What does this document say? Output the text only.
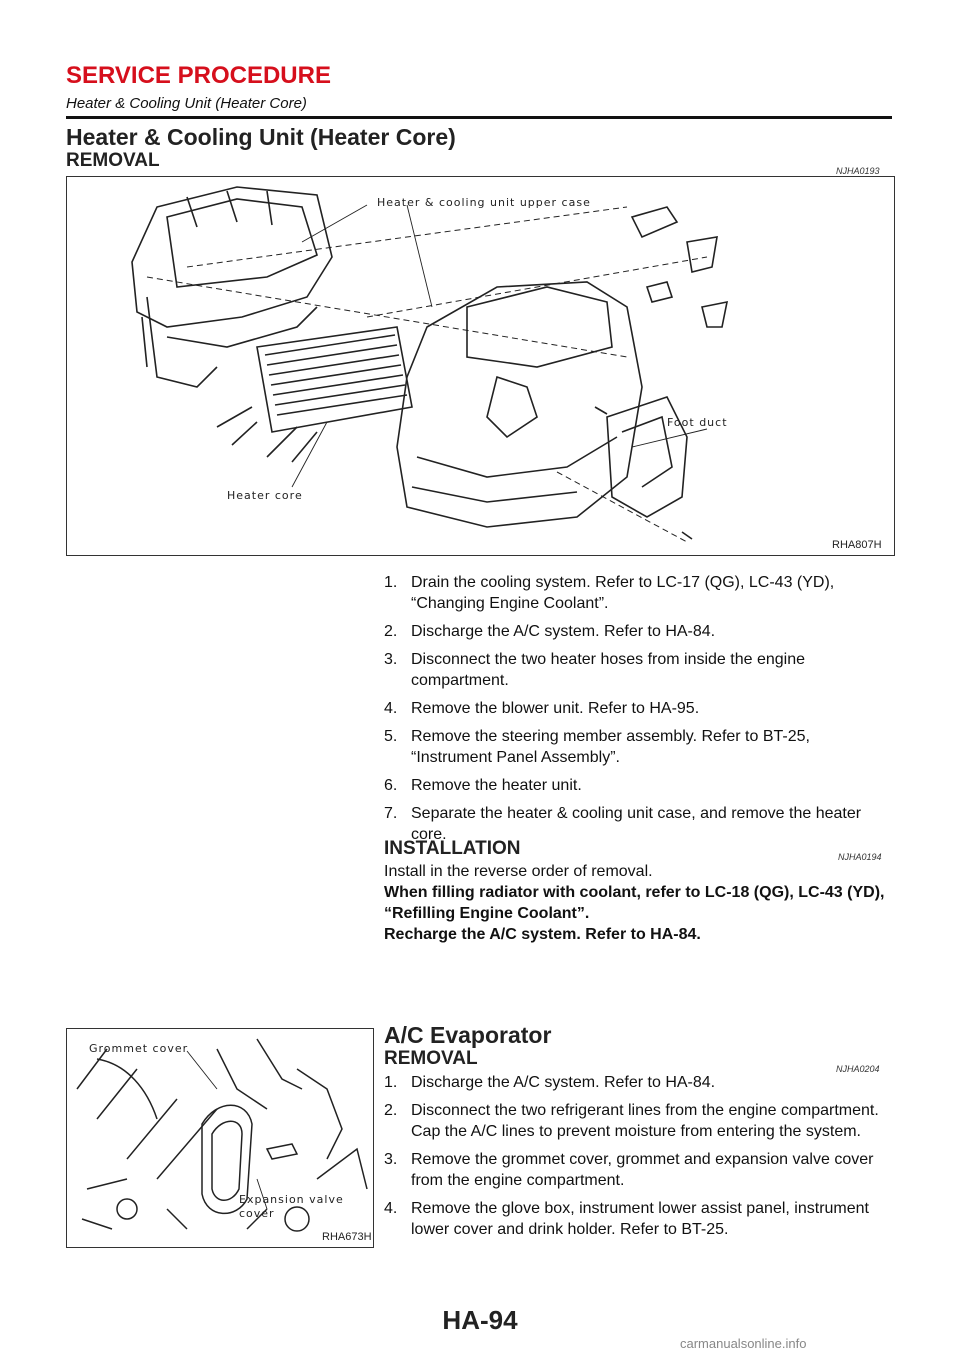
SERVICE PROCEDURE
Heater & Cooling Unit (Heater Core)
Heater & Cooling Unit (Heater Core)
REMOVAL	NJHA0193
Heater & cooling unit upper case
Foot duct
Heater core
RHA807H
1. Drain the cooling system. Refer to LC-17 (QG), LC-43 (YD), “Changing Engine Coolant”.
2. Discharge the A/C system. Refer to HA-84.
3. Disconnect the two heater hoses from inside the engine compartment.
4. Remove the blower unit. Refer to HA-95.
5. Remove the steering member assembly. Refer to BT-25, “Instrument Panel Assembly”.
6. Remove the heater unit.
7. Separate the heater & cooling unit case, and remove the heater core.
INSTALLATION	NJHA0194
Install in the reverse order of removal.
When filling radiator with coolant, refer to LC-18 (QG), LC-43 (YD), “Refilling Engine Coolant”.
Recharge the A/C system. Refer to HA-84.
Grommet cover
Expansion valve
cover
RHA673H
A/C Evaporator
REMOVAL	NJHA0204
1. Discharge the A/C system. Refer to HA-84.
2. Disconnect the two refrigerant lines from the engine compartment.
Cap the A/C lines to prevent moisture from entering the system.
3. Remove the grommet cover, grommet and expansion valve cover from the engine compartment.
4. Remove the glove box, instrument lower assist panel, instrument lower cover and drink holder. Refer to BT-25.
HA-94
carmanualsonline.info
